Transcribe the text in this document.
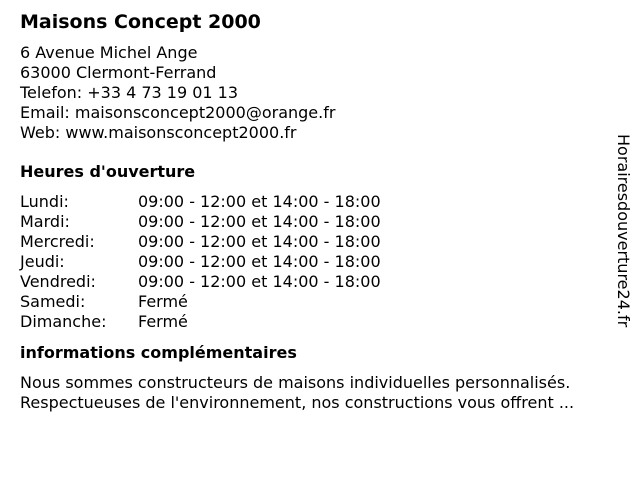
Maisons Concept 2000
6 Avenue Michel Ange
63000 Clermont-Ferrand
Telefon: +33 4 73 19 01 13
Email: maisonsconcept2000@orange.fr
Web: www.maisonsconcept2000.fr
Heures d'ouverture
Lundi:	09:00 - 12:00 et 14:00 - 18:00
Mardi:	09:00 - 12:00 et 14:00 - 18:00
Mercredi:	09:00 - 12:00 et 14:00 - 18:00
Jeudi:	09:00 - 12:00 et 14:00 - 18:00
Vendredi:	09:00 - 12:00 et 14:00 - 18:00
Samedi:	Fermé
Dimanche:	Fermé
informations complémentaires
Nous sommes constructeurs de maisons individuelles personnalisés.
Respectueuses de l'environnement, nos constructions vous offrent ...
Horairesdouverture24.fr
